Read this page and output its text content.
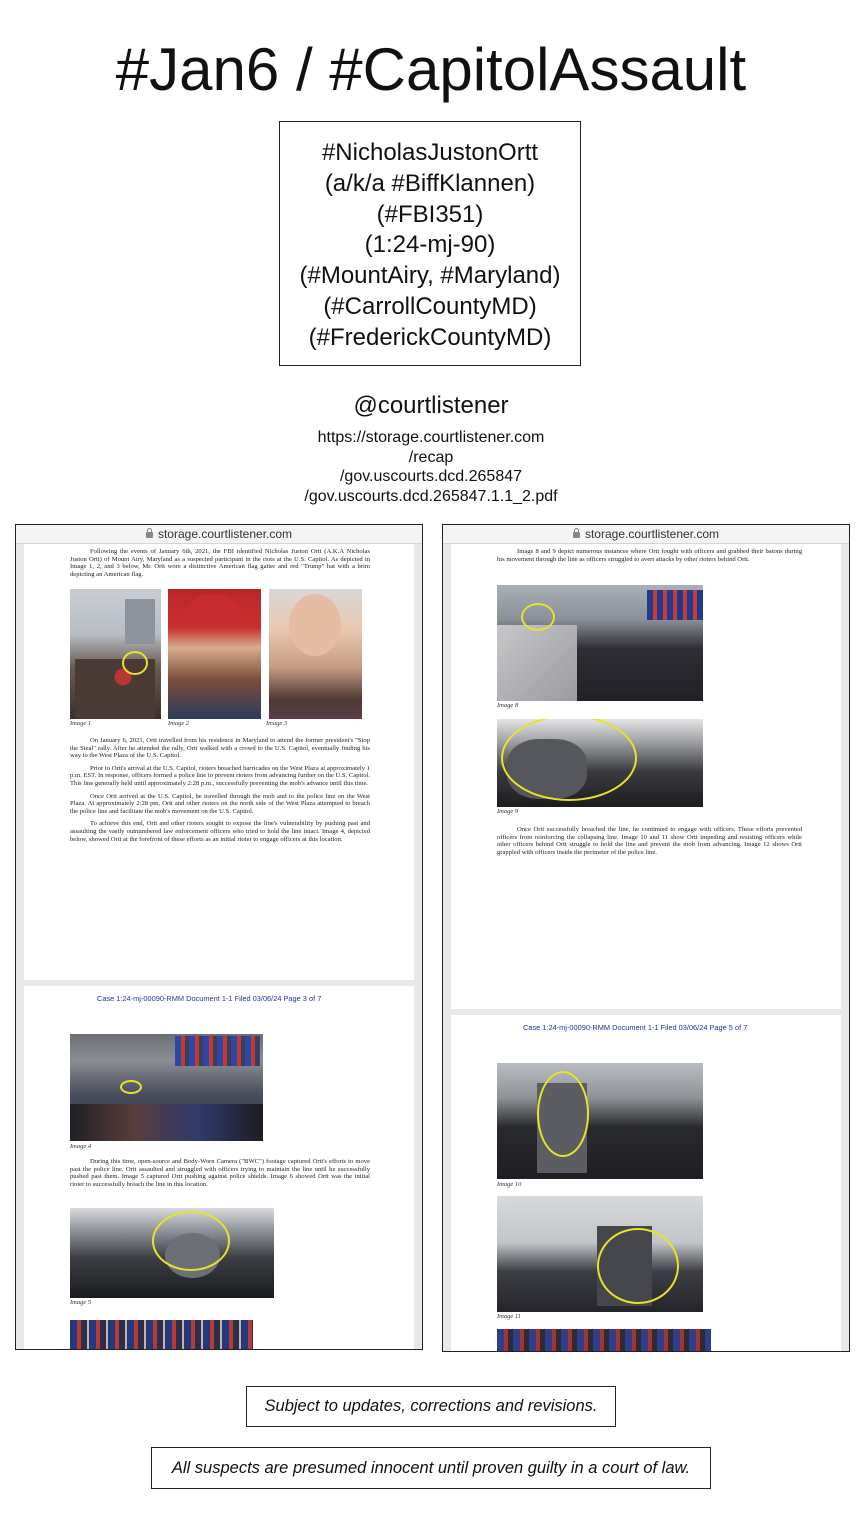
#Jan6 / #CapitolAssault
#NicholasJustonOrtt
(a/k/a #BiffKlannen)
(#FBI351)
(1:24-mj-90)
(#MountAiry, #Maryland)
(#CarrollCountyMD)
(#FrederickCountyMD)
@courtlistener
https://storage.courtlistener.com
/recap
/gov.uscourts.dcd.265847
/gov.uscourts.dcd.265847.1.1_2.pdf
storage.courtlistener.com

Following the events of January 6th, 2021, the FBI identified Nicholas Juston Ortt (A.K.A Nicholas Juston Ortt) of Mount Airy, Maryland as a suspected participant in the riots at the U.S. Capitol. As depicted in Image 1, 2, and 3 below, Mr. Ortt wore a distinctive American flag gaiter and red "Trump" hat with a brim depicting an American flag.

Image 1	Image 2	Image 3

On January 6, 2021, Ortt travelled from his residence in Maryland to attend the former president's "Stop the Steal" rally. After he attended the rally, Ortt walked with a crowd to the U.S. Capitol, eventually finding his way to the West Plaza of the U.S. Capitol.

Prior to Ortt's arrival at the U.S. Capitol, rioters breached barricades on the West Plaza at approximately 1 p.m. EST. In response, officers formed a police line to prevent rioters from advancing further on the U.S. Capitol. This line generally held until approximately 2:28 p.m., successfully preventing the mob's advance until this time.

Once Ortt arrived at the U.S. Capitol, he travelled through the mob and to the police line on the West Plaza. At approximately 2:28 pm, Ortt and other rioters on the north side of the West Plaza attempted to breach the police line and facilitate the mob's movement on the U.S. Capitol.

To achieve this end, Ortt and other rioters sought to expose the line's vulnerability by pushing past and assaulting the vastly outnumbered law enforcement officers who tried to hold the line intact. Image 4, depicted below, showed Ortt at the forefront of these efforts as an initial rioter to engage officers at this location.

Case 1:24-mj-00090-RMM Document 1-1 Filed 03/06/24 Page 3 of 7
Image 4

During this time, open-source and Body-Worn Camera ("BWC") footage captured Ortt's efforts to move past the police line. Ortt assaulted and struggled with officers trying to maintain the line until he successfully pushed past them. Image 5 captured Ortt pushing against police shields. Image 6 showed Ortt was the initial rioter to successfully breach the line in this location.

Image 5
storage.courtlistener.com

Image 8 and 9 depict numerous instances where Ortt fought with officers and grabbed their batons during his movement through the line as officers struggled to avert attacks by other rioters behind Ortt.

Image 8
Image 9

Once Ortt successfully breached the line, he continued to engage with officers. These efforts prevented officers from reinforcing the collapsing line. Image 10 and 11 show Ortt impeding and resisting officers while other officers behind Ortt struggle to hold the line and prevent the mob from advancing. Image 12 shows Ortt grappled with officers inside the perimeter of the police line.

Case 1:24-mj-00090-RMM Document 1-1 Filed 03/06/24 Page 5 of 7
Image 10
Image 11
Subject to updates, corrections and revisions.
All suspects are presumed innocent until proven guilty in a court of law.
